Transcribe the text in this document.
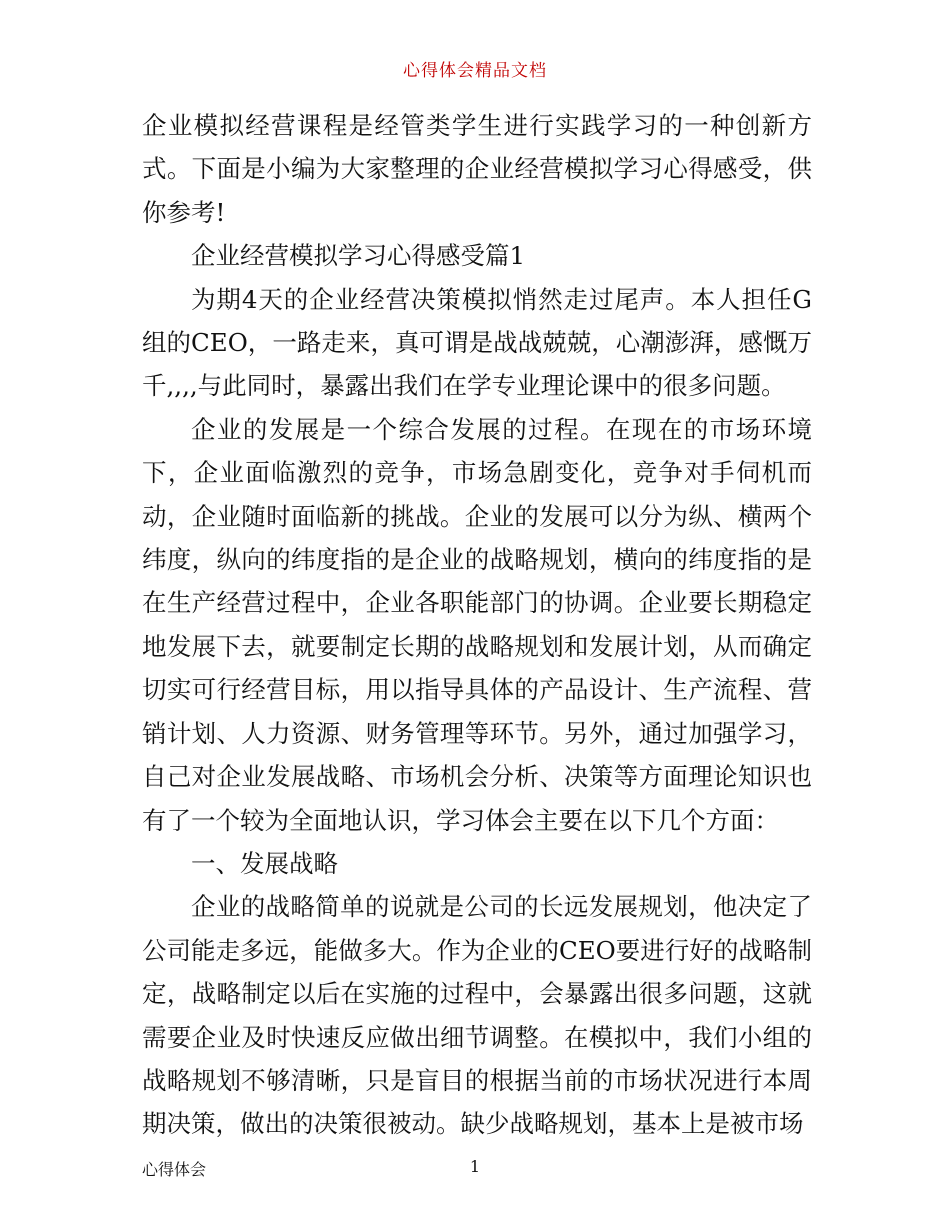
心得体会精品文档

企业模拟经营课程是经管类学生进行实践学习的一种创新方式。下面是小编为大家整理的企业经营模拟学习心得感受，供你参考!

企业经营模拟学习心得感受篇1

为期4天的企业经营决策模拟悄然走过尾声。本人担任G组的CEO，一路走来，真可谓是战战兢兢，心潮澎湃，感慨万千,,,,与此同时，暴露出我们在学专业理论课中的很多问题。

企业的发展是一个综合发展的过程。在现在的市场环境下，企业面临激烈的竞争，市场急剧变化，竞争对手伺机而动，企业随时面临新的挑战。企业的发展可以分为纵、横两个纬度，纵向的纬度指的是企业的战略规划，横向的纬度指的是在生产经营过程中，企业各职能部门的协调。企业要长期稳定地发展下去，就要制定长期的战略规划和发展计划，从而确定切实可行经营目标，用以指导具体的产品设计、生产流程、营销计划、人力资源、财务管理等环节。另外，通过加强学习，自己对企业发展战略、市场机会分析、决策等方面理论知识也有了一个较为全面地认识，学习体会主要在以下几个方面：

一、发展战略

企业的战略简单的说就是公司的长远发展规划，他决定了公司能走多远，能做多大。作为企业的CEO要进行好的战略制定，战略制定以后在实施的过程中，会暴露出很多问题，这就需要企业及时快速反应做出细节调整。在模拟中，我们小组的战略规划不够清晰，只是盲目的根据当前的市场状况进行本周期决策，做出的决策很被动。缺少战略规划，基本上是被市场

心得体会	1
